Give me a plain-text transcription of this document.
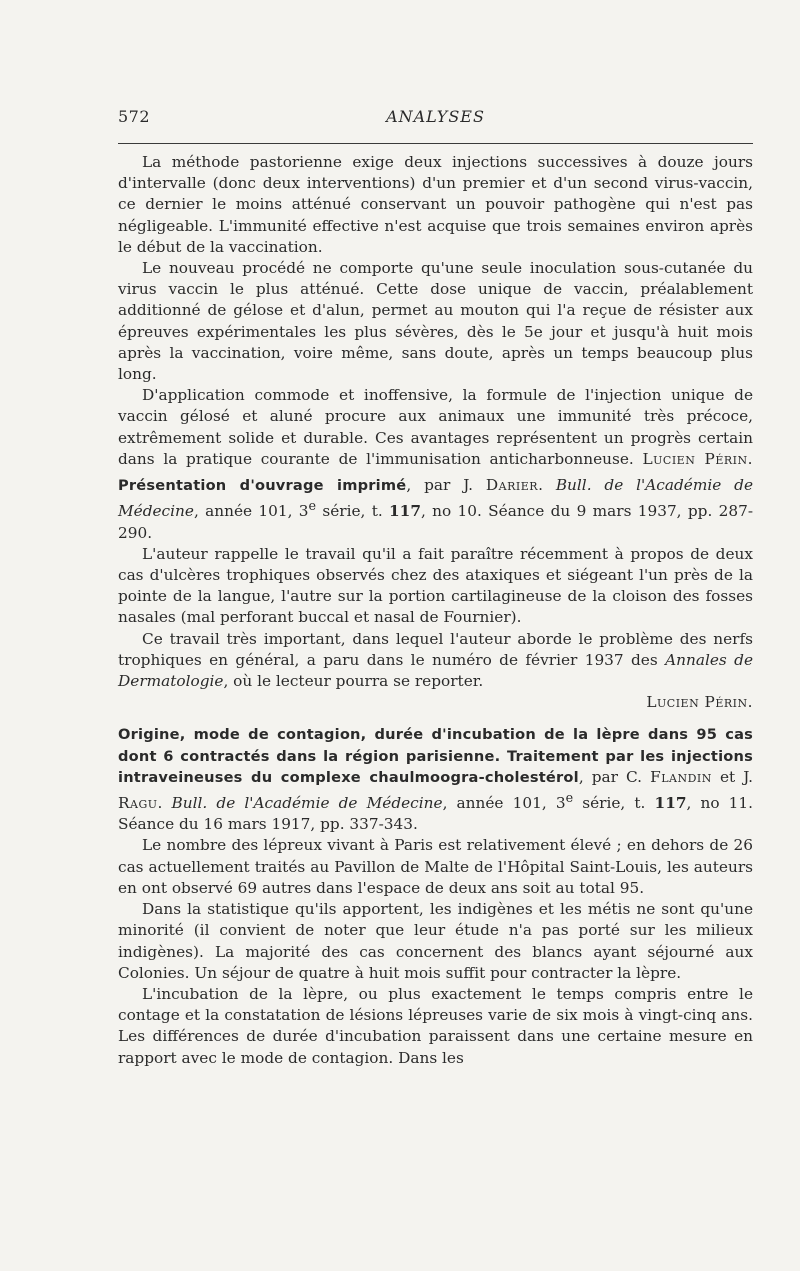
572	ANALYSES

La méthode pastorienne exige deux injections successives à douze jours d'intervalle (donc deux interventions) d'un premier et d'un second virus-vaccin, ce dernier le moins atténué conservant un pouvoir pathogène qui n'est pas négligeable. L'immunité effective n'est acquise que trois semaines environ après le début de la vaccination.

Le nouveau procédé ne comporte qu'une seule inoculation sous-cutanée du virus vaccin le plus atténué. Cette dose unique de vaccin, préalablement additionné de gélose et d'alun, permet au mouton qui l'a reçue de résister aux épreuves expérimentales les plus sévères, dès le 5e jour et jusqu'à huit mois après la vaccination, voire même, sans doute, après un temps beaucoup plus long.

D'application commode et inoffensive, la formule de l'injection unique de vaccin gélosé et aluné procure aux animaux une immunité très précoce, extrêmement solide et durable. Ces avantages représentent un progrès certain dans la pratique courante de l'immunisation anticharbonneuse. Lucien Périn.

Présentation d'ouvrage imprimé, par J. Darier. Bull. de l'Académie de Médecine, année 101, 3e série, t. 117, no 10. Séance du 9 mars 1937, pp. 287-290.

L'auteur rappelle le travail qu'il a fait paraître récemment à propos de deux cas d'ulcères trophiques observés chez des ataxiques et siégeant l'un près de la pointe de la langue, l'autre sur la portion cartilagineuse de la cloison des fosses nasales (mal perforant buccal et nasal de Fournier).

Ce travail très important, dans lequel l'auteur aborde le problème des nerfs trophiques en général, a paru dans le numéro de février 1937 des Annales de Dermatologie, où le lecteur pourra se reporter.

Lucien Périn.

Origine, mode de contagion, durée d'incubation de la lèpre dans 95 cas dont 6 contractés dans la région parisienne. Traitement par les injections intraveineuses du complexe chaulmoogra-cholestérol, par C. Flandin et J. Ragu. Bull. de l'Académie de Médecine, année 101, 3e série, t. 117, no 11. Séance du 16 mars 1917, pp. 337-343.

Le nombre des lépreux vivant à Paris est relativement élevé ; en dehors de 26 cas actuellement traités au Pavillon de Malte de l'Hôpital Saint-Louis, les auteurs en ont observé 69 autres dans l'espace de deux ans soit au total 95.

Dans la statistique qu'ils apportent, les indigènes et les métis ne sont qu'une minorité (il convient de noter que leur étude n'a pas porté sur les milieux indigènes). La majorité des cas concernent des blancs ayant séjourné aux Colonies. Un séjour de quatre à huit mois suffit pour contracter la lèpre.

L'incubation de la lèpre, ou plus exactement le temps compris entre le contage et la constatation de lésions lépreuses varie de six mois à vingt-cinq ans. Les différences de durée d'incubation paraissent dans une certaine mesure en rapport avec le mode de contagion. Dans les
